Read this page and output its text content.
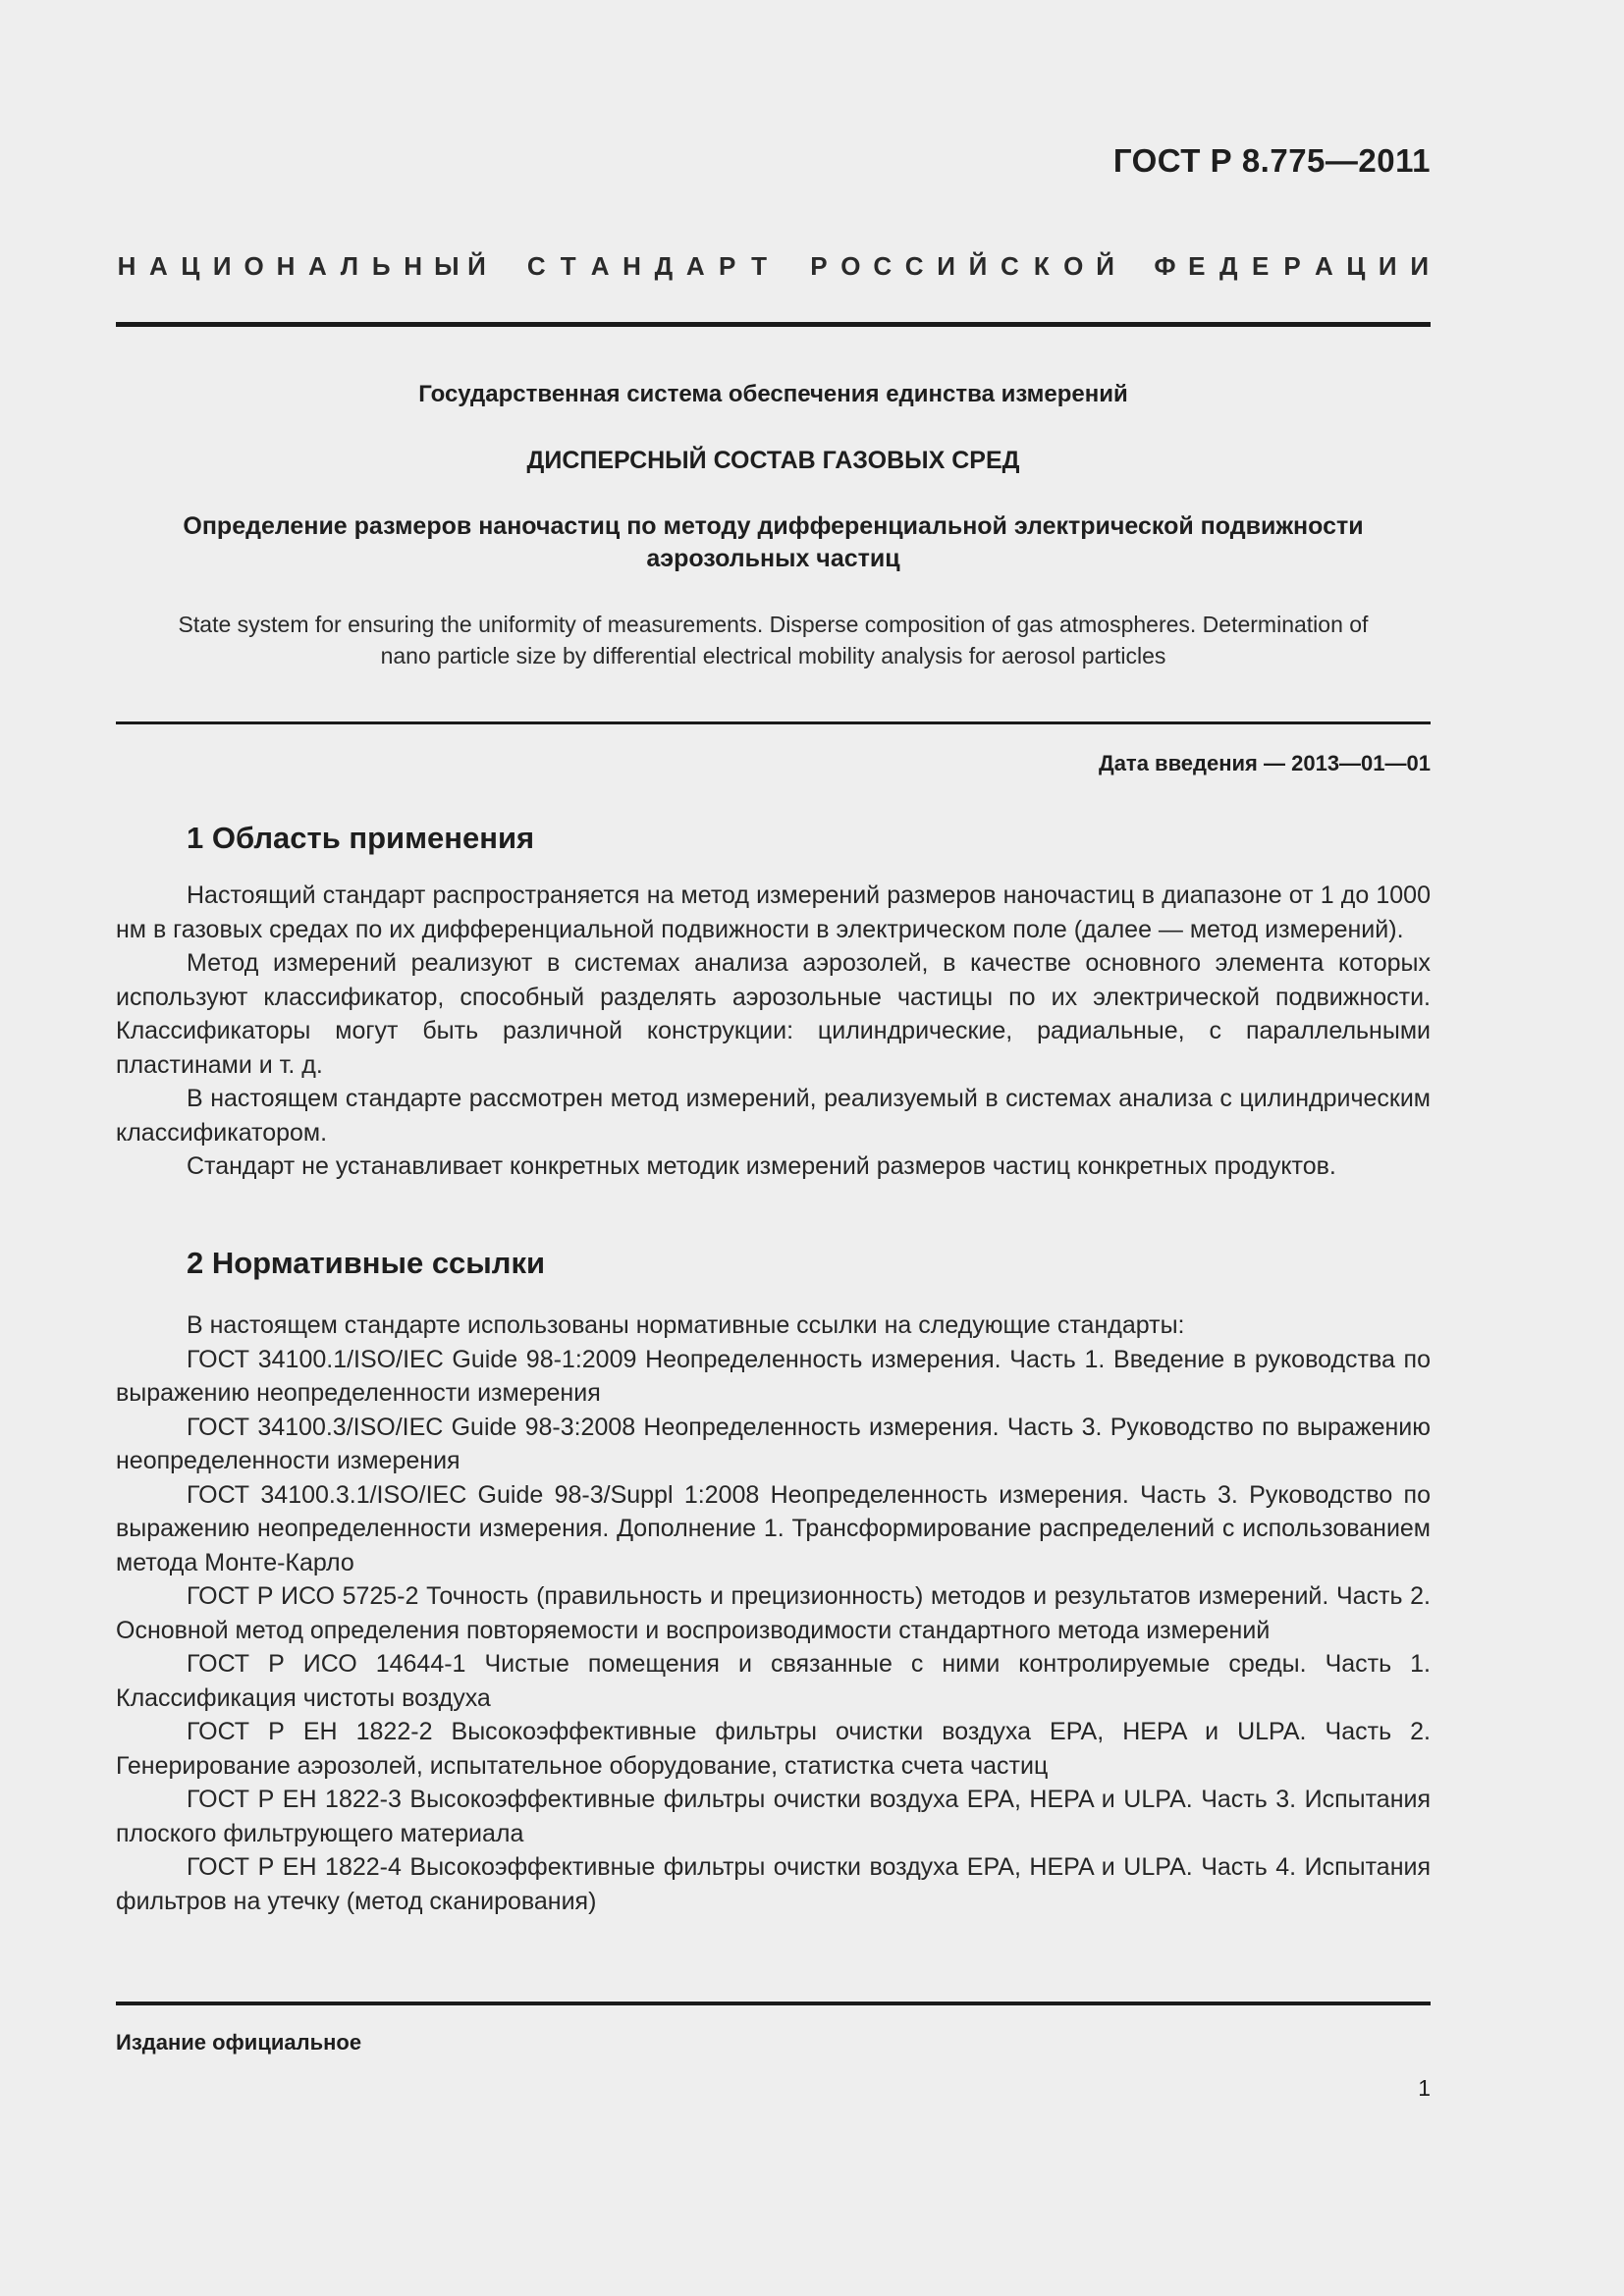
ГОСТ Р 8.775—2011
Н А Ц И О Н А Л Ь Н Ы Й
С Т А Н Д А Р Т
Р О С С И Й С К О Й
Ф Е Д Е Р А Ц И И
Государственная система обеспечения единства измерений
ДИСПЕРСНЫЙ СОСТАВ ГАЗОВЫХ СРЕД
Определение размеров наночастиц по методу дифференциальной электрической подвижности
аэрозольных частиц
State system for ensuring the uniformity of measurements. Disperse composition of gas atmospheres. Determination of
nano particle size by differential electrical mobility analysis for aerosol particles
Дата введения — 2013—01—01
1 Область применения

Настоящий стандарт распространяется на метод измерений размеров наночастиц в диапазоне от 1 до 1000 нм в газовых средах по их дифференциальной подвижности в электрическом поле (далее — метод измерений).

Метод измерений реализуют в системах анализа аэрозолей, в качестве основного элемента которых используют классификатор, способный разделять аэрозольные частицы по их электрической подвижности. Классификаторы могут быть различной конструкции: цилиндрические, радиальные, с параллельными пластинами и т. д.

В настоящем стандарте рассмотрен метод измерений, реализуемый в системах анализа с цилиндрическим классификатором.

Стандарт не устанавливает конкретных методик измерений размеров частиц конкретных продуктов.

2 Нормативные ссылки

В настоящем стандарте использованы нормативные ссылки на следующие стандарты:

ГОСТ 34100.1/ISO/IEC Guide 98-1:2009 Неопределенность измерения. Часть 1. Введение в руководства по выражению неопределенности измерения

ГОСТ 34100.3/ISO/IEC Guide 98-3:2008 Неопределенность измерения. Часть 3. Руководство по выражению неопределенности измерения

ГОСТ 34100.3.1/ISO/IEC Guide 98-3/Suppl 1:2008 Неопределенность измерения. Часть 3. Руководство по выражению неопределенности измерения. Дополнение 1. Трансформирование распределений с использованием метода Монте-Карло

ГОСТ Р ИСО 5725-2 Точность (правильность и прецизионность) методов и результатов измерений. Часть 2. Основной метод определения повторяемости и воспроизводимости стандартного метода измерений

ГОСТ Р ИСО 14644-1 Чистые помещения и связанные с ними контролируемые среды. Часть 1. Классификация чистоты воздуха

ГОСТ Р ЕН 1822-2 Высокоэффективные фильтры очистки воздуха EPA, HEPA и ULPA. Часть 2. Генерирование аэрозолей, испытательное оборудование, статистка счета частиц

ГОСТ Р ЕН 1822-3 Высокоэффективные фильтры очистки воздуха EPA, HEPA и ULPA. Часть 3. Испытания плоского фильтрующего материала

ГОСТ Р ЕН 1822-4 Высокоэффективные фильтры очистки воздуха EPA, HEPA и ULPA. Часть 4. Испытания фильтров на утечку (метод сканирования)

Издание официальное
1
